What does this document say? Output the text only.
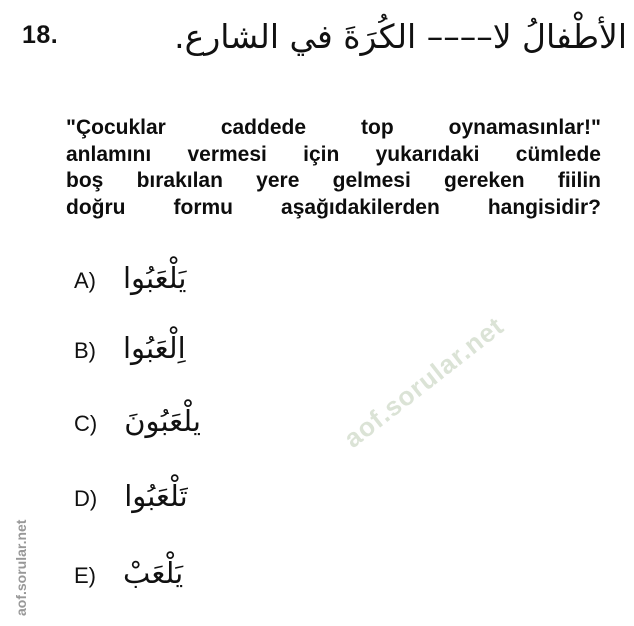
18.	الأطْفالُ لا–––– الكُرَةَ في الشارع.
"Çocuklar caddede top oynamasınlar!"
anlamını vermesi için yukarıdaki cümlede
boş bırakılan yere gelmesi gereken fiilin
doğru formu aşağıdakilerden hangisidir?
A) يَلْعَبُوا
B) اِلْعَبُوا
C) يلْعَبُونَ
D) تَلْعَبُوا
E) يَلْعَبْ
aof.sorular.net
aof.sorular.net
